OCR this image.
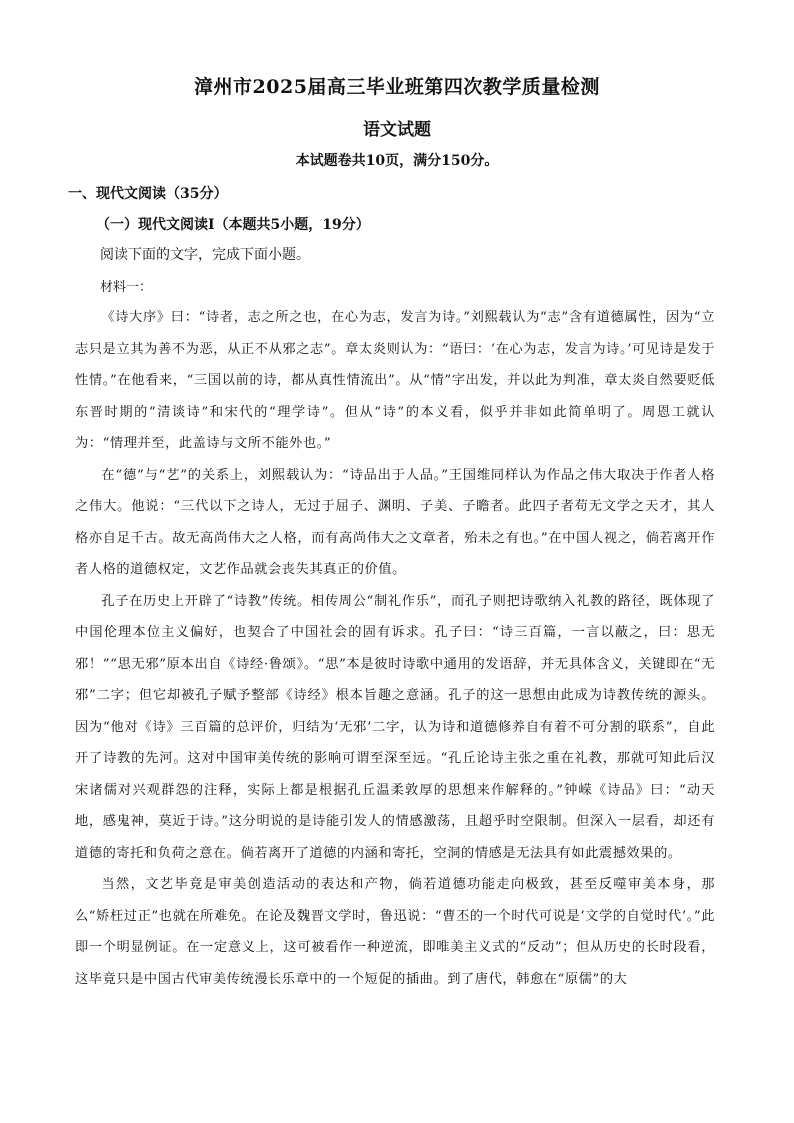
漳州市2025届高三毕业班第四次教学质量检测
语文试题
本试题卷共10页，满分150分。
一、现代文阅读（35分）
（一）现代文阅读Ⅰ（本题共5小题，19分）
阅读下面的文字，完成下面小题。
材料一：

《诗大序》曰：“诗者，志之所之也，在心为志，发言为诗。”刘熙载认为“志”含有道德属性，因为“立志只是立其为善不为恶，从正不从邪之志”。章太炎则认为：“语曰：‘在心为志，发言为诗。’可见诗是发于性情。”在他看来，“三国以前的诗，都从真性情流出”。从“情”字出发，并以此为判准，章太炎自然要贬低东晋时期的“清谈诗”和宋代的“理学诗”。但从“诗”的本义看，似乎并非如此简单明了。周恩工就认为：“情理并至，此盖诗与文所不能外也。”

在“德”与“艺”的关系上，刘熙载认为：“诗品出于人品。”王国维同样认为作品之伟大取决于作者人格之伟大。他说：“三代以下之诗人，无过于屈子、渊明、子美、子瞻者。此四子者苟无文学之天才，其人格亦自足千古。故无高尚伟大之人格，而有高尚伟大之文章者，殆未之有也。”在中国人视之，倘若离开作者人格的道德权定，文艺作品就会丧失其真正的价值。

孔子在历史上开辟了“诗教”传统。相传周公“制礼作乐”，而孔子则把诗歌纳入礼教的路径，既体现了中国伦理本位主义偏好，也契合了中国社会的固有诉求。孔子曰：“诗三百篇，一言以蔽之，曰：思无邪！”“思无邪”原本出自《诗经·鲁颂》。“思”本是彼时诗歌中通用的发语辞，并无具体含义，关键即在“无邪”二字；但它却被孔子赋予整部《诗经》根本旨趣之意涵。孔子的这一思想由此成为诗教传统的源头。因为“他对《诗》三百篇的总评价，归结为‘无邪’二字，认为诗和道德修养自有着不可分割的联系”，自此开了诗教的先河。这对中国审美传统的影响可谓至深至远。“孔丘论诗主张之重在礼教，那就可知此后汉宋诸儒对兴观群怨的注释，实际上都是根据孔丘温柔敦厚的思想来作解释的。”钟嵘《诗品》曰：“动天地，感鬼神，莫近于诗。”这分明说的是诗能引发人的情感激荡，且超乎时空限制。但深入一层看，却还有道德的寄托和负荷之意在。倘若离开了道德的内涵和寄托，空洞的情感是无法具有如此震撼效果的。

当然，文艺毕竟是审美创造活动的表达和产物，倘若道德功能走向极致，甚至反噬审美本身，那么“矫枉过正”也就在所难免。在论及魏晋文学时，鲁迅说：“曹丕的一个时代可说是‘文学的自觉时代’。”此即一个明显例证。在一定意义上，这可被看作一种逆流，即唯美主义式的“反动”；但从历史的长时段看，这毕竟只是中国古代审美传统漫长乐章中的一个短促的插曲。到了唐代，韩愈在“原儒”的大
